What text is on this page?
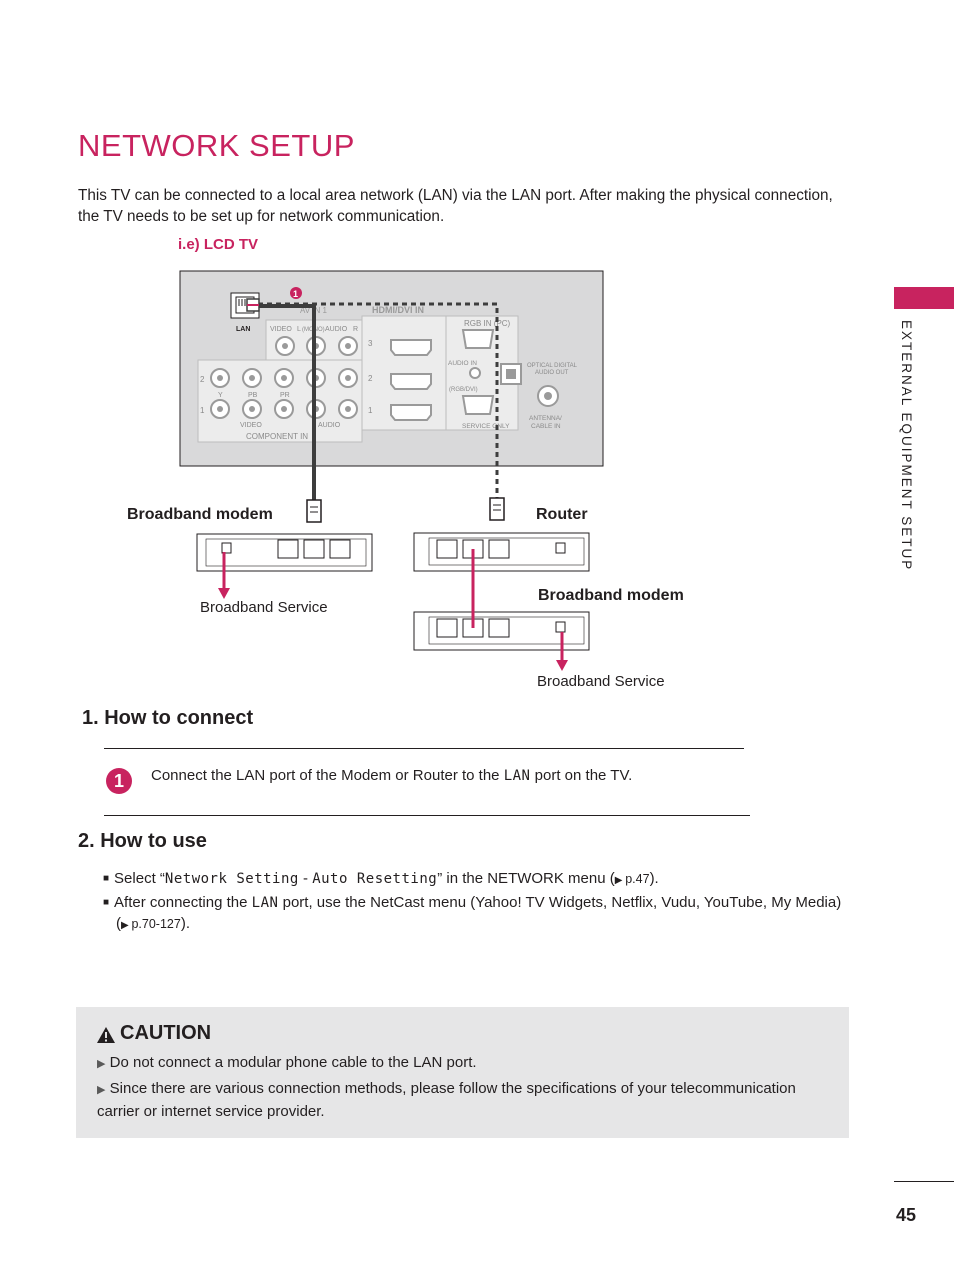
NETWORK SETUP
This TV can be connected to a local area network (LAN) via the LAN port. After making the physical connection, the TV needs to be set up for network communication.
i.e) LCD TV
EXTERNAL EQUIPMENT SETUP
LAN
1
AV IN 1
VIDEO L (MONO) AUDIO R
HDMI/DVI IN
RGB IN (PC)
AUDIO IN
(RGB/DVI)
OPTICAL DIGITAL
AUDIO OUT
SERVICE ONLY
ANTENNA/
CABLE IN
COMPONENT IN
VIDEO	AUDIO
Y	PB	PR
2
1
3
2
1
Broadband modem	Router
Broadband modem
Broadband Service
Broadband Service
1. How to connect
1	Connect the LAN port of the Modem or Router to the LAN port on the TV.
2. How to use
■ Select “Network Setting - Auto Resetting” in the NETWORK menu (▶ p.47).
■ After connecting the LAN port, use the NetCast menu (Yahoo! TV Widgets, Netflix, Vudu, YouTube, My Media)
(▶ p.70-127).
CAUTION
▶ Do not connect a modular phone cable to the LAN port.
▶ Since there are various connection methods, please follow the specifications of your telecommunication carrier or internet service provider.
45
